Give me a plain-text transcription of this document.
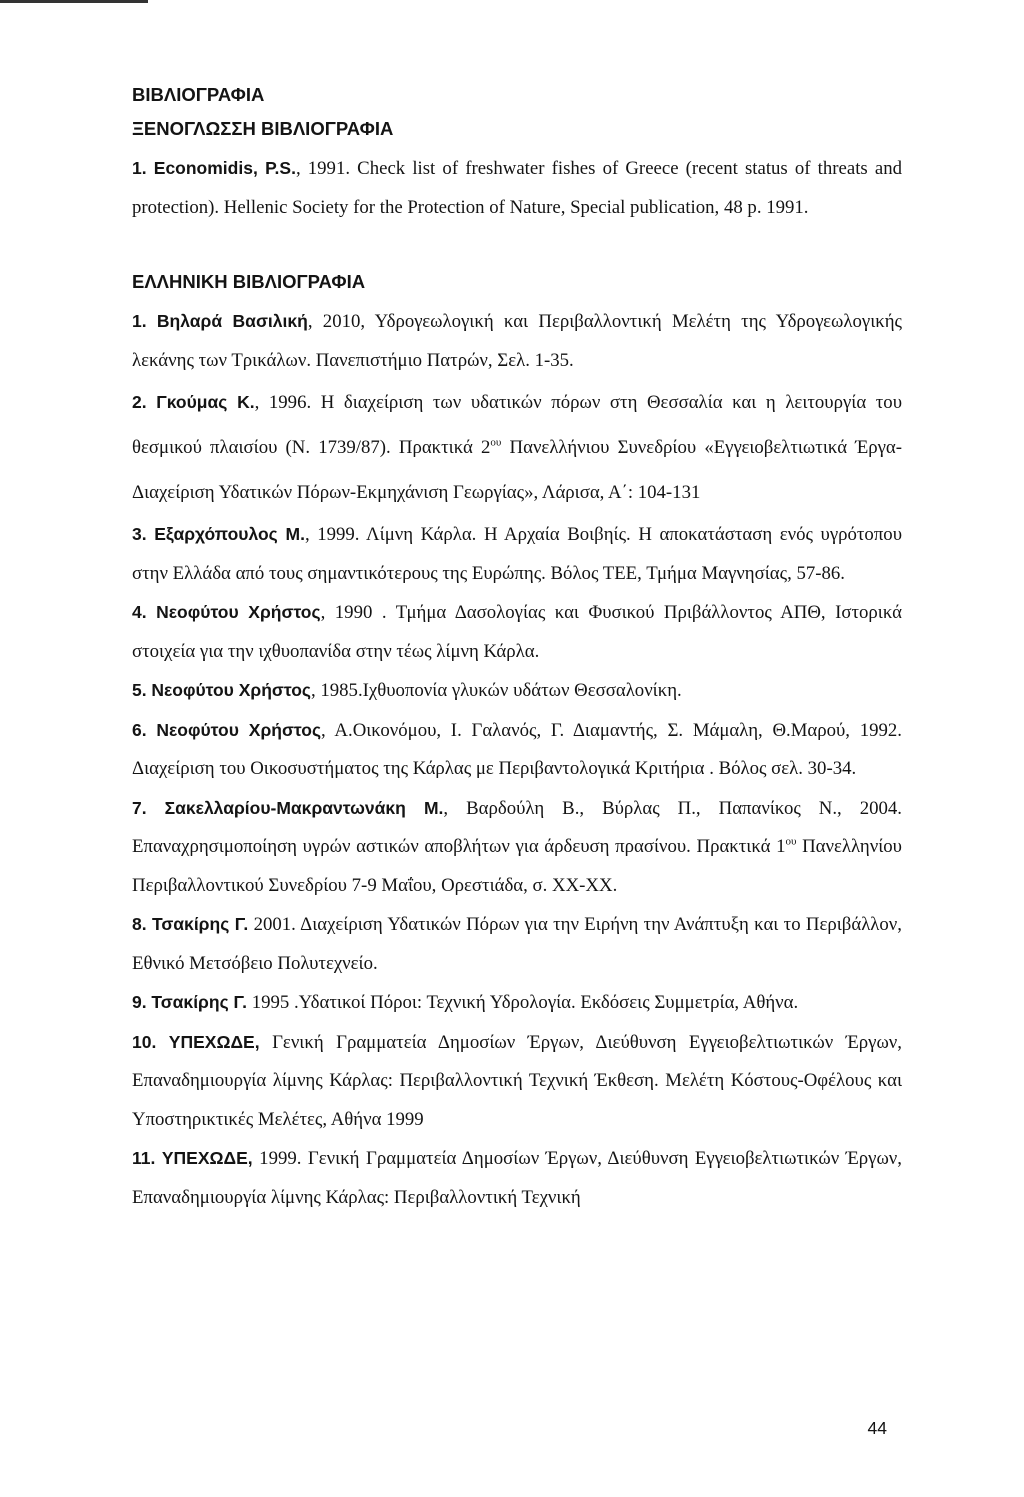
ΒΙΒΛΙΟΓΡΑΦΙΑ
ΞΕΝΟΓΛΩΣΣΗ ΒΙΒΛΙΟΓΡΑΦΙΑ
1. Economidis, P.S., 1991. Check list of freshwater fishes of Greece (recent status of threats and protection). Hellenic Society for the Protection of Nature, Special publication, 48 p. 1991.
ΕΛΛΗΝΙΚΗ ΒΙΒΛΙΟΓΡΑΦΙΑ
1. Βηλαρά Βασιλική, 2010, Υδρογεωλογική και Περιβαλλοντική Μελέτη της Υδρογεωλογικής λεκάνης των Τρικάλων. Πανεπιστήμιο Πατρών, Σελ. 1-35.
2. Γκούμας Κ., 1996. Η διαχείριση των υδατικών πόρων στη Θεσσαλία και η λειτουργία του θεσμικού πλαισίου (Ν. 1739/87). Πρακτικά $2^{o\upsilon}$ Πανελλήνιου Συνεδρίου «Εγγειοβελτιωτικά Έργα-Διαχείριση Υδατικών Πόρων-Εκμηχάνιση Γεωργίας», Λάρισα, Α΄: 104-131
3. Εξαρχόπουλος Μ., 1999. Λίμνη Κάρλα. Η Αρχαία Βοιβηίς. Η αποκατάσταση ενός υγρότοπου στην Ελλάδα από τους σημαντικότερους της Ευρώπης. Βόλος ΤΕΕ, Τμήμα Μαγνησίας, 57-86.
4. Νεοφύτου Χρήστος, 1990 . Τμήμα Δασολογίας και Φυσικού Πριβάλλοντος ΑΠΘ, Ιστορικά στοιχεία για την ιχθυοπανίδα στην τέως λίμνη Κάρλα.
5. Νεοφύτου Χρήστος, 1985.Ιχθυοπονία γλυκών υδάτων Θεσσαλονίκη.
6. Νεοφύτου Χρήστος, Α.Οικονόμου, Ι. Γαλανός, Γ. Διαμαντής, Σ. Μάμαλη, Θ.Μαρού, 1992. Διαχείριση του Οικοσυστήματος της Κάρλας με Περιβαντολογικά Κριτήρια . Βόλος σελ. 30-34.
7. Σακελλαρίου-Μακραντωνάκη Μ., Βαρδούλη Β., Βύρλας Π., Παπανίκος Ν., 2004. Επαναχρησιμοποίηση υγρών αστικών αποβλήτων για άρδευση πρασίνου. Πρακτικά $1^{o\upsilon}$ Πανελληνίου Περιβαλλοντικού Συνεδρίου 7-9 Μαΐου, Ορεστιάδα, σ. ΧΧ-ΧΧ.
8. Τσακίρης Γ. 2001. Διαχείριση Υδατικών Πόρων για την Ειρήνη την Ανάπτυξη και το Περιβάλλον, Εθνικό Μετσόβειο Πολυτεχνείο.
9. Τσακίρης Γ. 1995 .Υδατικοί Πόροι: Τεχνική Υδρολογία. Εκδόσεις Συμμετρία, Αθήνα.
10. ΥΠΕΧΩΔΕ, Γενική Γραμματεία Δημοσίων Έργων, Διεύθυνση Εγγειοβελτιωτικών Έργων, Επαναδημιουργία λίμνης Κάρλας: Περιβαλλοντική Τεχνική Έκθεση. Μελέτη Κόστους-Οφέλους και Υποστηρικτικές Μελέτες, Αθήνα 1999
11. ΥΠΕΧΩΔΕ, 1999. Γενική Γραμματεία Δημοσίων Έργων, Διεύθυνση Εγγειοβελτιωτικών Έργων, Επαναδημιουργία λίμνης Κάρλας: Περιβαλλοντική Τεχνική
44
